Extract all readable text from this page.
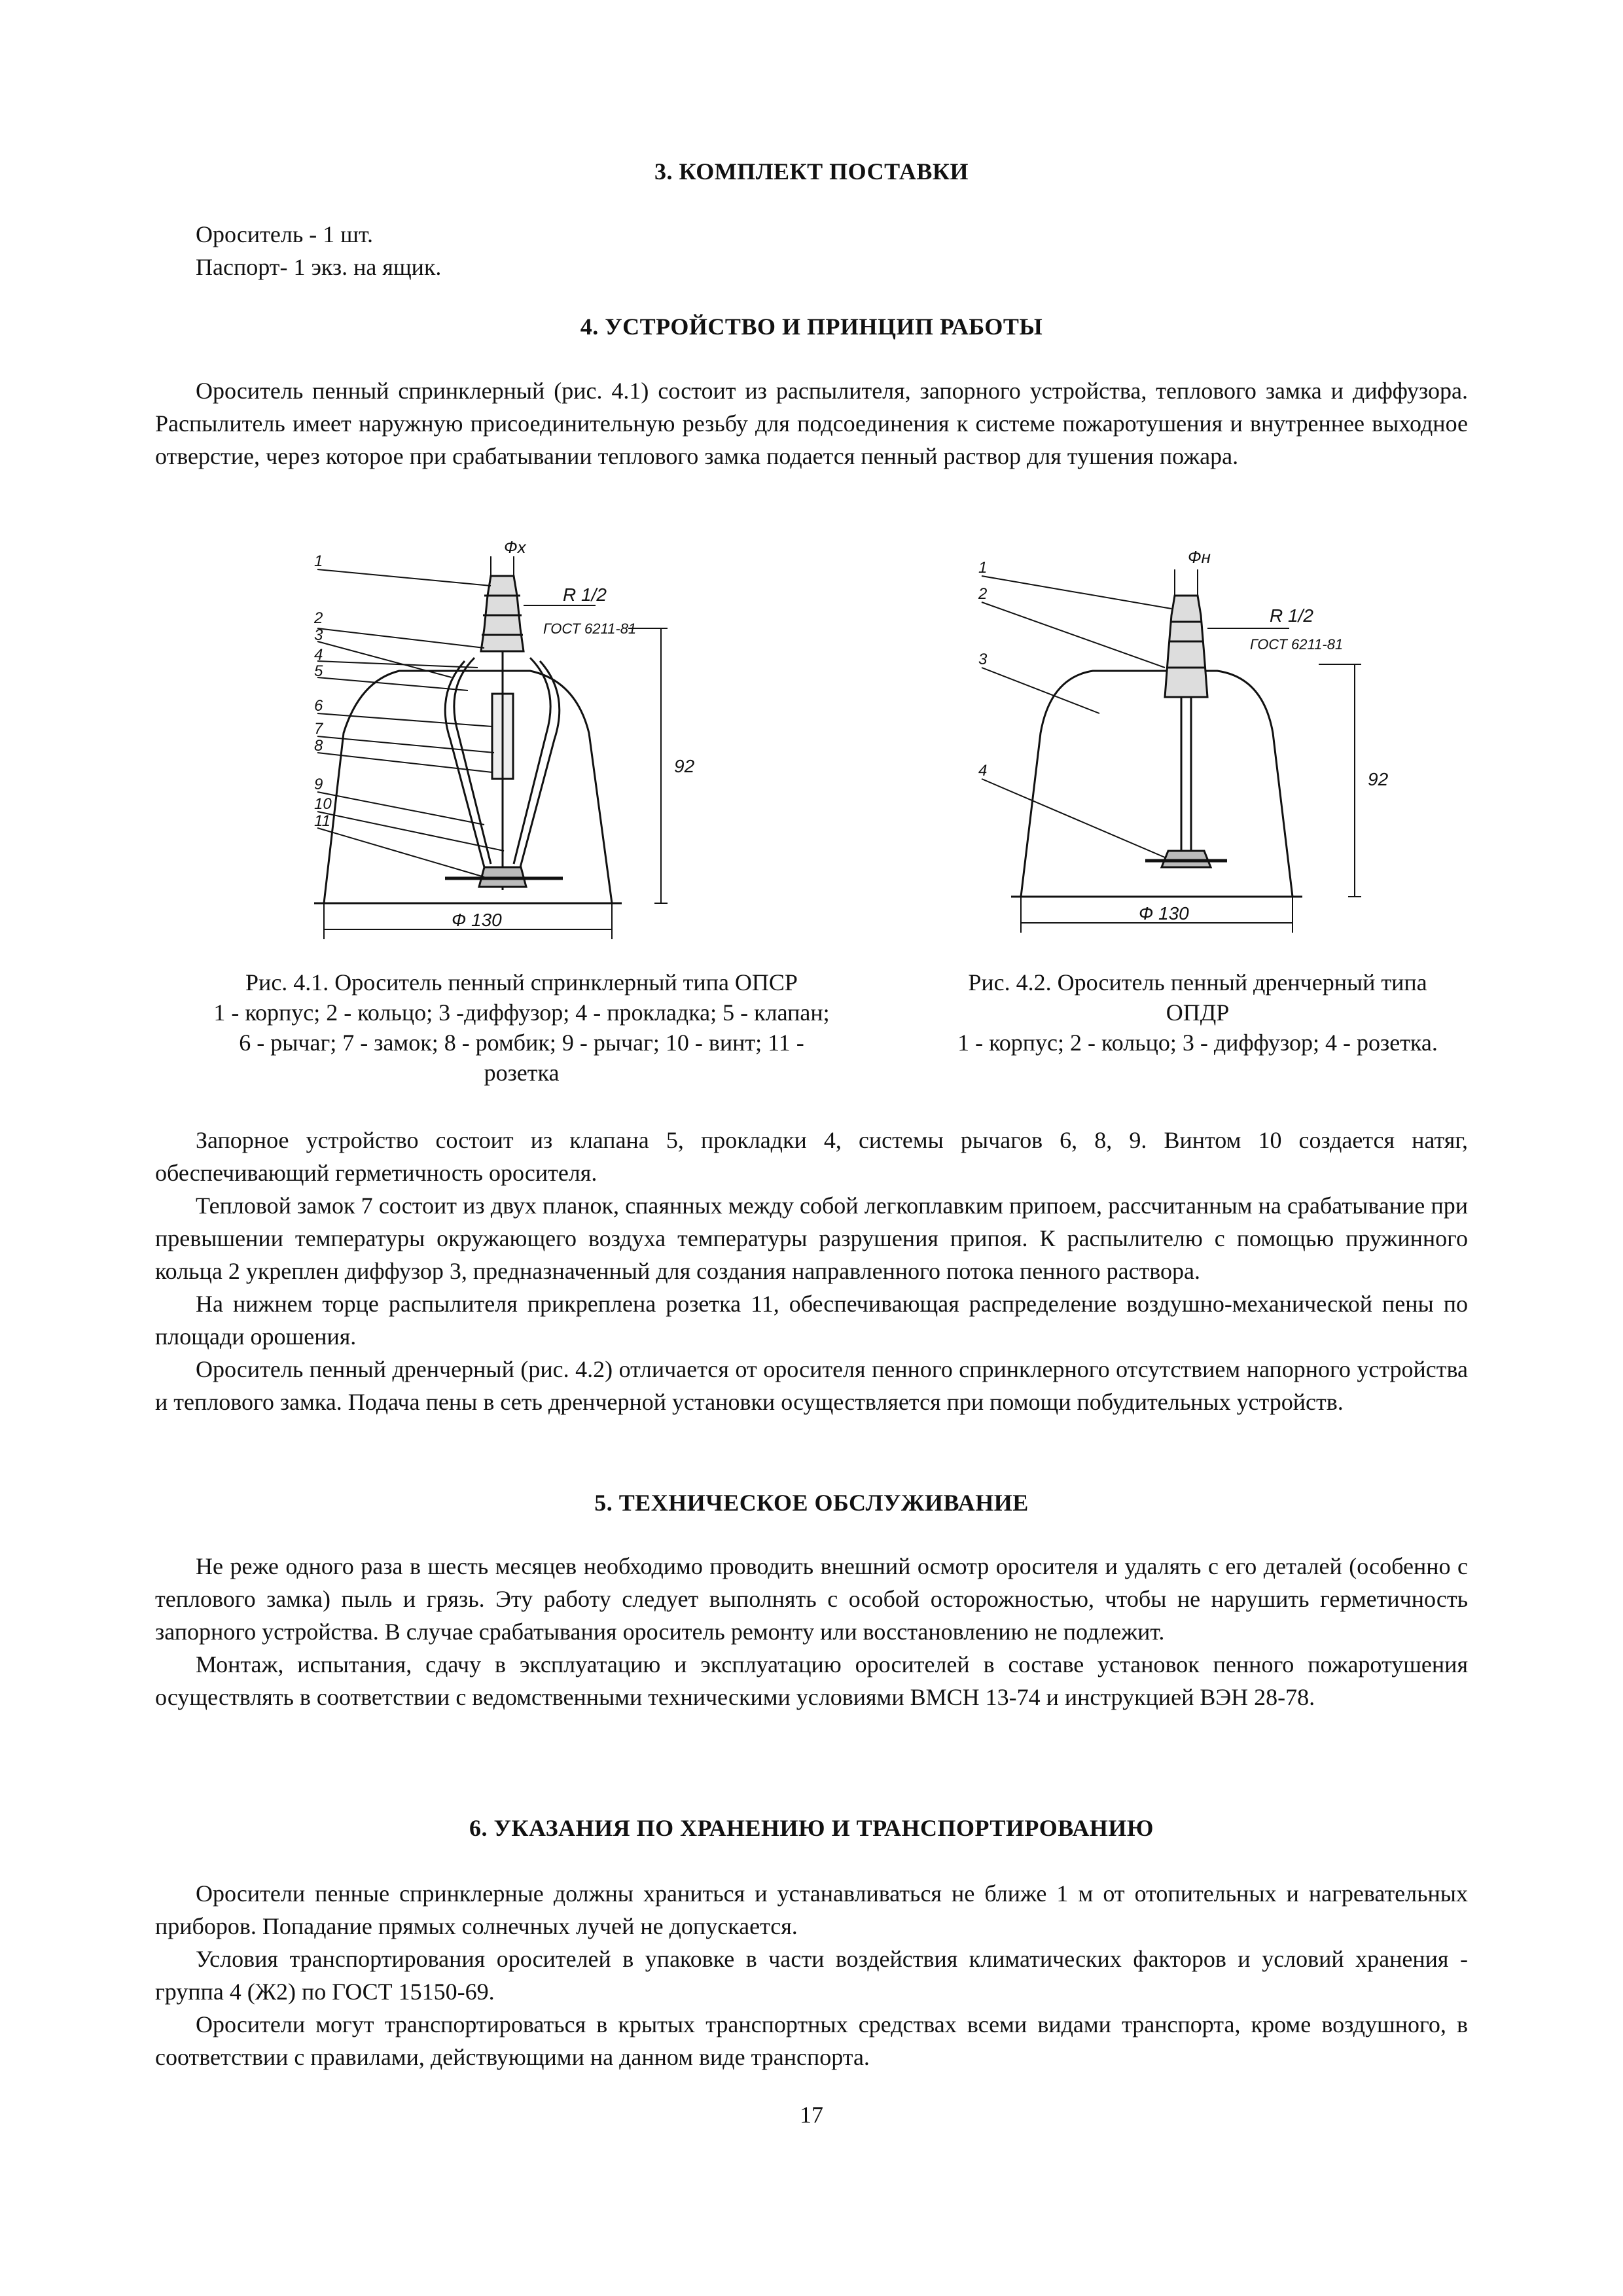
3. КОМПЛЕКТ ПОСТАВКИ
Ороситель - 1 шт.
Паспорт- 1 экз. на ящик.
4. УСТРОЙСТВО И ПРИНЦИП РАБОТЫ

Ороситель пенный спринклерный (рис. 4.1) состоит из распылителя, запорного устройства, теплового замка и диффузора. Распылитель имеет наружную присоединительную резьбу для подсоединения к системе пожаротушения и внутреннее выходное отверстие, через которое при срабатывании теплового замка подается пенный раствор для тушения пожара.

Фх
R 1/2
ГОСТ 6211-81
92
Ф 130
1
2
3
4
5
6
7
8
9
10
11
Фн
R 1/2
ГОСТ 6211-81
92
Ф 130
1
2
3
4
Рис. 4.1. Ороситель пенный спринклерный типа ОПСР
1 - корпус; 2 - кольцо; 3 -диффузор; 4 - прокладка; 5 - клапан;
6 - рычаг; 7 - замок; 8 - ромбик; 9 - рычаг; 10 - винт; 11 -
розетка
Рис. 4.2. Ороситель пенный дренчерный типа
ОПДР
1 - корпус; 2 - кольцо; 3 - диффузор; 4 - розетка.

Запорное устройство состоит из клапана 5, прокладки 4, системы рычагов 6, 8, 9. Винтом 10 создается натяг, обеспечивающий герметичность оросителя.

Тепловой замок 7 состоит из двух планок, спаянных между собой легкоплавким припоем, рассчитанным на срабатывание при превышении температуры окружающего воздуха температуры разрушения припоя. К распылителю с помощью пружинного кольца 2 укреплен диффузор 3, предназначенный для создания направленного потока пенного раствора.

На нижнем торце распылителя прикреплена розетка 11, обеспечивающая распределение воздушно-механической пены по площади орошения.

Ороситель пенный дренчерный (рис. 4.2) отличается от оросителя пенного спринклерного отсутствием напорного устройства и теплового замка. Подача пены в сеть дренчерной установки осуществляется при помощи побудительных устройств.

5. ТЕХНИЧЕСКОЕ ОБСЛУЖИВАНИЕ

Не реже одного раза в шесть месяцев необходимо проводить внешний осмотр оросителя и удалять с его деталей (особенно с теплового замка) пыль и грязь. Эту работу следует выполнять с особой осторожностью, чтобы не нарушить герметичность запорного устройства. В случае срабатывания ороситель ремонту или восстановлению не подлежит.

Монтаж, испытания, сдачу в эксплуатацию и эксплуатацию оросителей в составе установок пенного пожаротушения осуществлять в соответствии с ведомственными техническими условиями ВМСН 13-74 и инструкцией ВЭН 28-78.

6. УКАЗАНИЯ ПО ХРАНЕНИЮ И ТРАНСПОРТИРОВАНИЮ

Оросители пенные спринклерные должны храниться и устанавливаться не ближе 1 м от отопительных и нагревательных приборов. Попадание прямых солнечных лучей не допускается.

Условия транспортирования оросителей в упаковке в части воздействия климатических факторов и условий хранения - группа 4 (Ж2) по ГОСТ 15150-69.

Оросители могут транспортироваться в крытых транспортных средствах всеми видами транспорта, кроме воздушного, в соответствии с правилами, действующими на данном виде транспорта.

17
